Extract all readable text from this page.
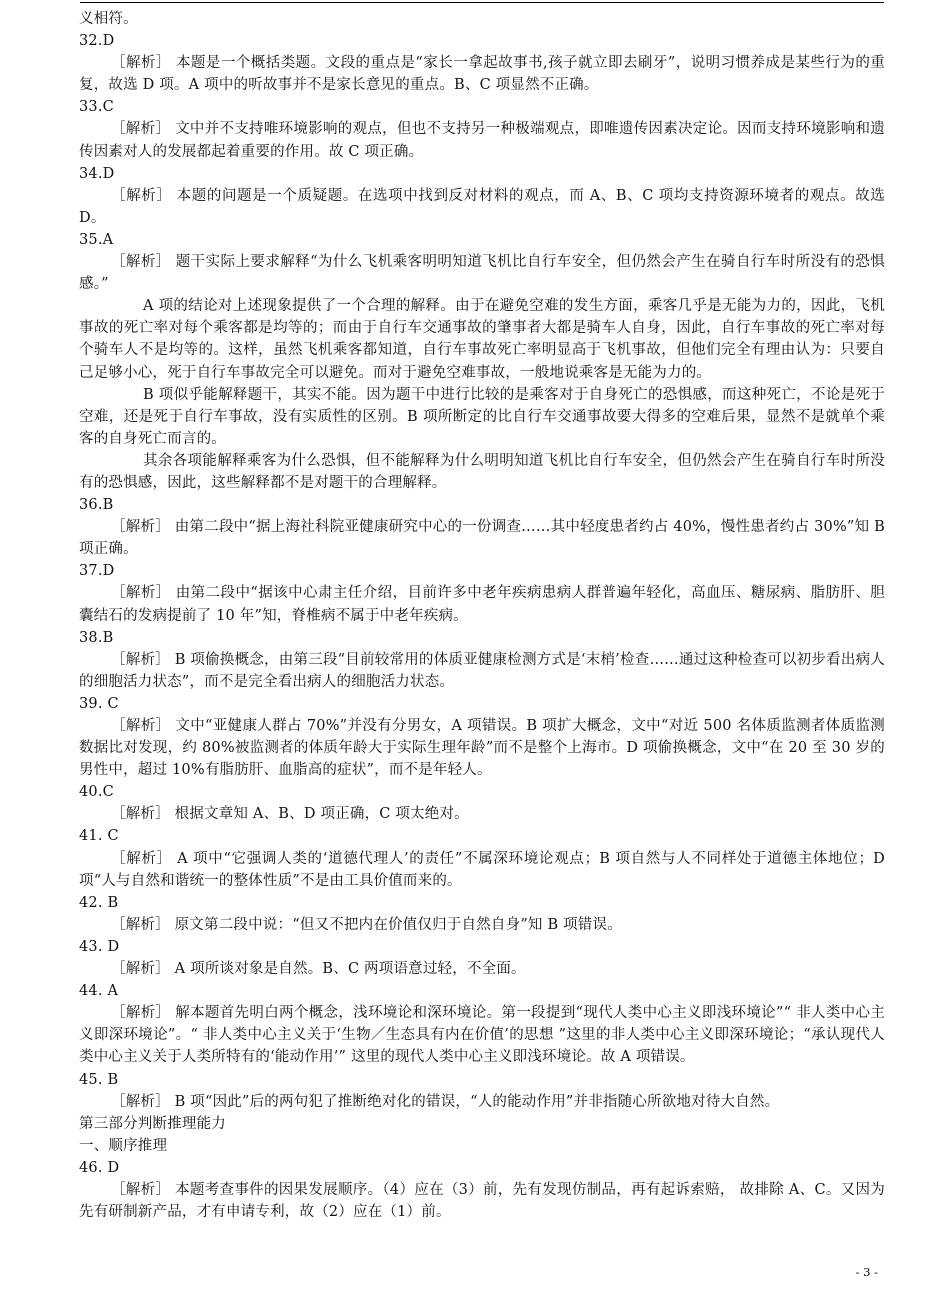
义相符。

32.D

［解析］ 本题是一个概括类题。文段的重点是“家长一拿起故事书,孩子就立即去刷牙”，说明习惯养成是某些行为的重复，故选 D 项。A 项中的听故事并不是家长意见的重点。B、C 项显然不正确。

33.C

［解析］ 文中并不支持唯环境影响的观点，但也不支持另一种极端观点，即唯遗传因素决定论。因而支持环境影响和遗传因素对人的发展都起着重要的作用。故 C 项正确。

34.D

［解析］ 本题的问题是一个质疑题。在选项中找到反对材料的观点，而 A、B、C 项均支持资源环境者的观点。故选 D。

35.A

［解析］ 题干实际上要求解释“为什么飞机乘客明明知道飞机比自行车安全，但仍然会产生在骑自行车时所没有的恐惧感。”

A 项的结论对上述现象提供了一个合理的解释。由于在避免空难的发生方面，乘客几乎是无能为力的，因此，飞机事故的死亡率对每个乘客都是均等的；而由于自行车交通事故的肇事者大都是骑车人自身，因此，自行车事故的死亡率对每个骑车人不是均等的。这样，虽然飞机乘客都知道，自行车事故死亡率明显高于飞机事故，但他们完全有理由认为：只要自己足够小心，死于自行车事故完全可以避免。而对于避免空难事故，一般地说乘客是无能为力的。

B 项似乎能解释题干，其实不能。因为题干中进行比较的是乘客对于自身死亡的恐惧感，而这种死亡，不论是死于空难，还是死于自行车事故，没有实质性的区别。B 项所断定的比自行车交通事故要大得多的空难后果，显然不是就单个乘客的自身死亡而言的。

其余各项能解释乘客为什么恐惧，但不能解释为什么明明知道飞机比自行车安全，但仍然会产生在骑自行车时所没有的恐惧感，因此，这些解释都不是对题干的合理解释。

36.B

［解析］ 由第二段中“据上海社科院亚健康研究中心的一份调查……其中轻度患者约占 40%，慢性患者约占 30%”知 B 项正确。

37.D

［解析］ 由第二段中“据该中心肃主任介绍，目前许多中老年疾病患病人群普遍年轻化，高血压、糖尿病、脂肪肝、胆囊结石的发病提前了 10 年”知，脊椎病不属于中老年疾病。

38.B

［解析］ B 项偷换概念，由第三段“目前较常用的体质亚健康检测方式是‘末梢’检查……通过这种检查可以初步看出病人的细胞活力状态”，而不是完全看出病人的细胞活力状态。

39. C

［解析］ 文中“亚健康人群占 70%”并没有分男女，A 项错误。B 项扩大概念，文中“对近 500 名体质监测者体质监测数据比对发现，约 80%被监测者的体质年龄大于实际生理年龄”而不是整个上海市。D 项偷换概念，文中“在 20 至 30 岁的男性中，超过 10%有脂肪肝、血脂高的症状”，而不是年轻人。

40.C

［解析］ 根据文章知 A、B、D 项正确，C 项太绝对。

41. C

［解析］ A 项中“它强调人类的‘道德代理人’的责任”不属深环境论观点；B 项自然与人不同样处于道德主体地位；D 项“人与自然和谐统一的整体性质”不是由工具价值而来的。

42. B

［解析］ 原文第二段中说：“但又不把内在价值仅归于自然自身”知 B 项错误。

43. D

［解析］ A 项所谈对象是自然。B、C 两项语意过轻，不全面。

44. A

［解析］ 解本题首先明白两个概念，浅环境论和深环境论。第一段提到“现代人类中心主义即浅环境论”“ 非人类中心主义即深环境论”。“ 非人类中心主义关于‘生物／生态具有内在价值’的思想 ”这里的非人类中心主义即深环境论；“承认现代人类中心主义关于人类所特有的‘能动作用’” 这里的现代人类中心主义即浅环境论。故 A 项错误。

45. B

［解析］ B 项“因此”后的两句犯了推断绝对化的错误，“人的能动作用”并非指随心所欲地对待大自然。

第三部分判断推理能力

一、顺序推理

46. D

［解析］ 本题考查事件的因果发展顺序。（4）应在（3）前，先有发现仿制品，再有起诉索赔， 故排除 A、C。又因为先有研制新产品，才有申请专利，故（2）应在（1）前。

- 3 -
